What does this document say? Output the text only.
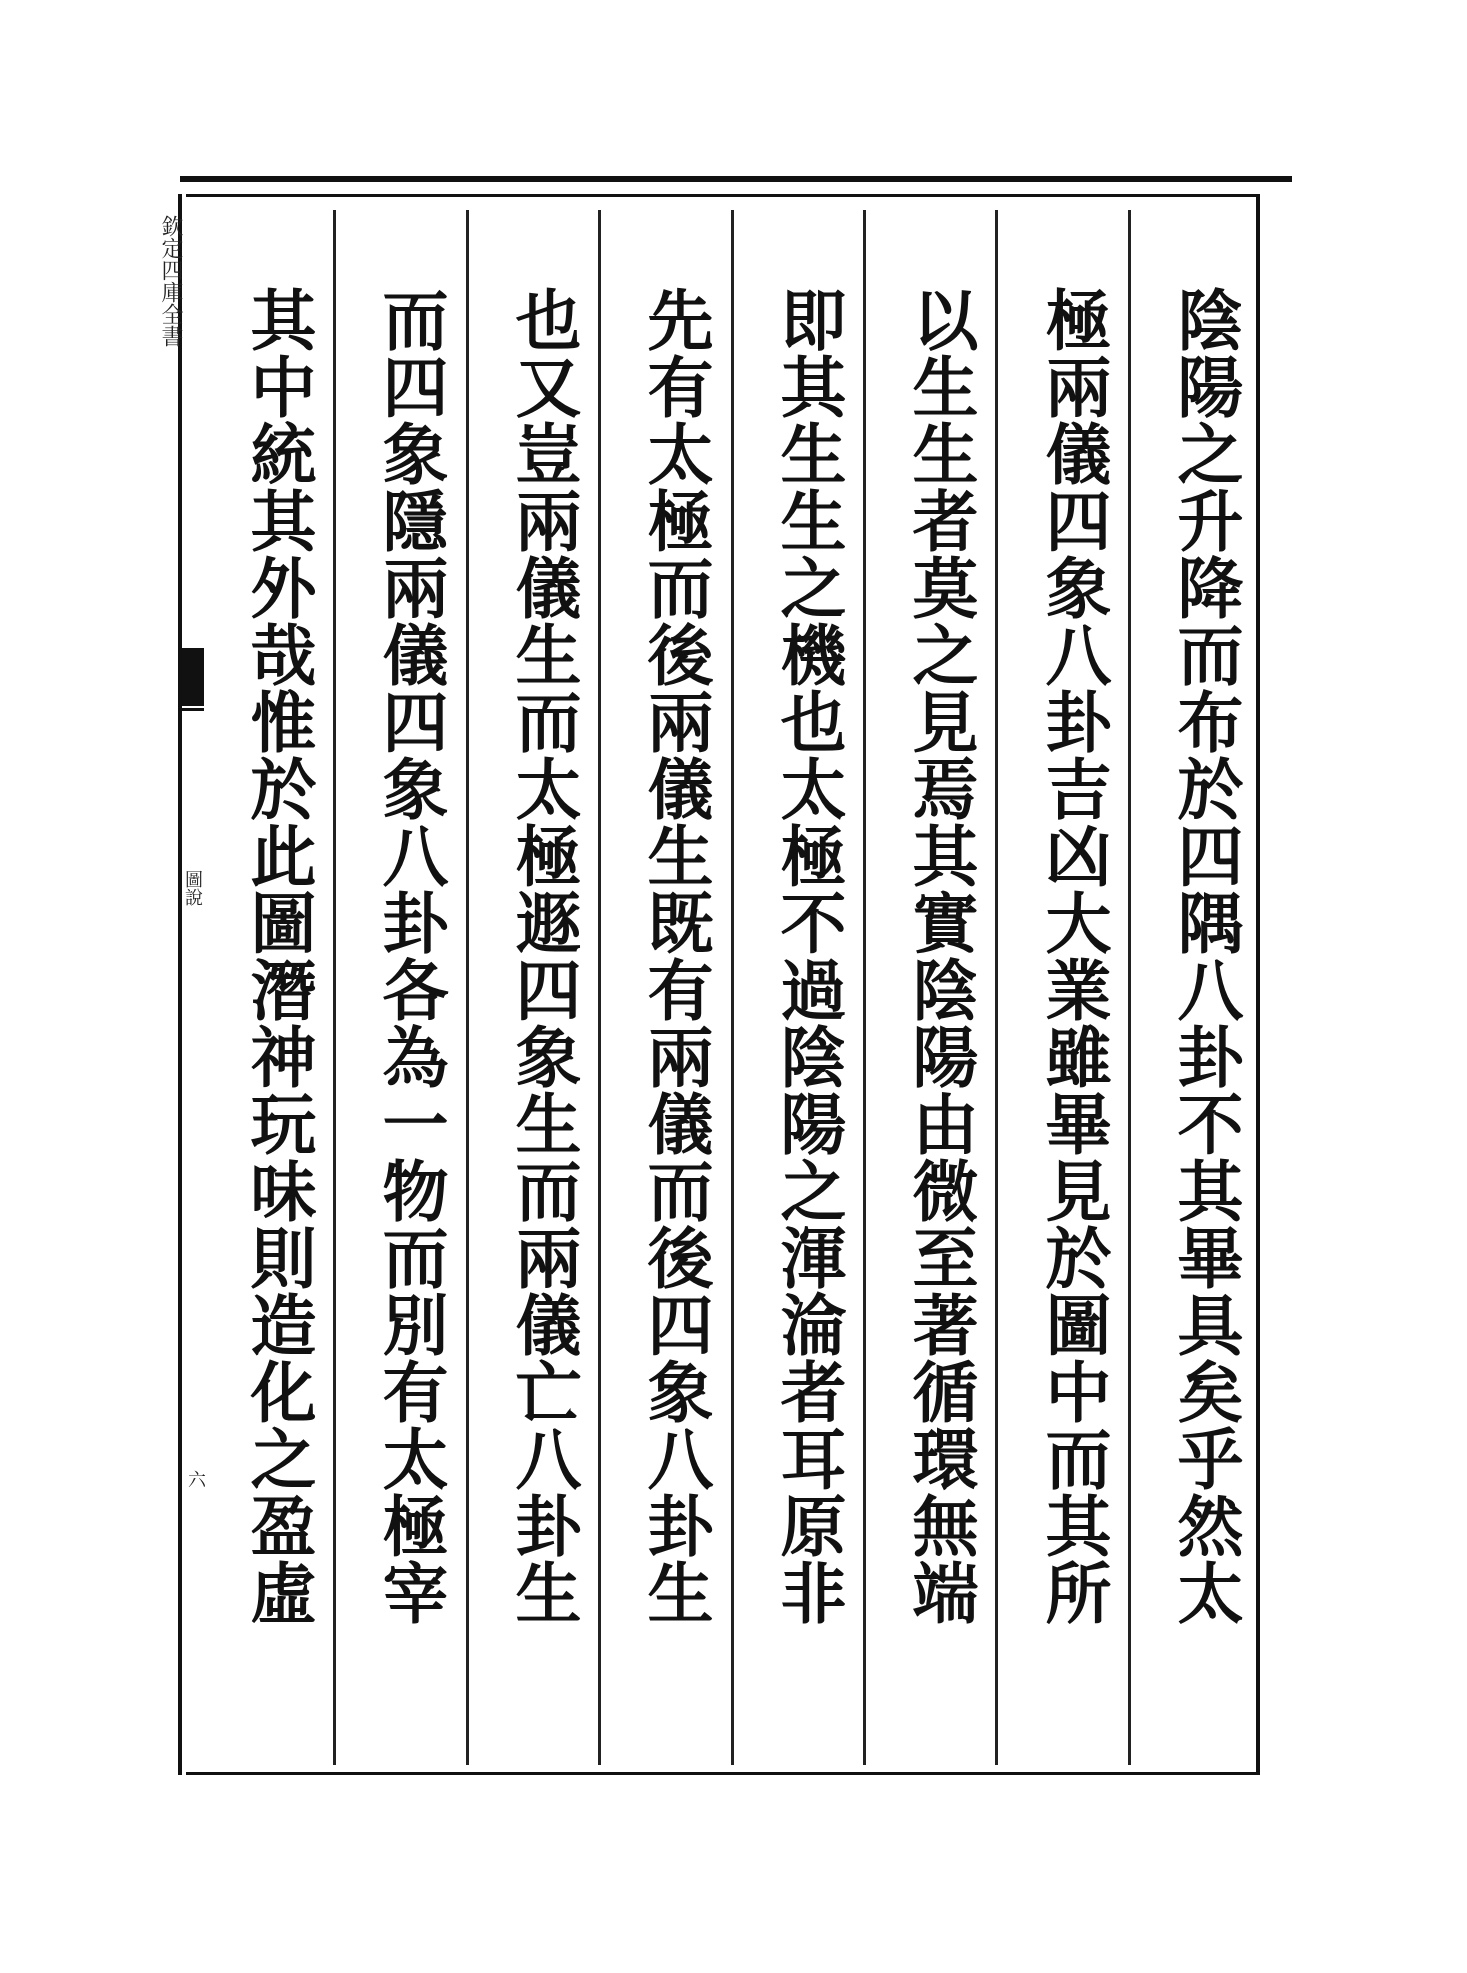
欽定四庫全書
圖說
六	陰陽之升降而布於四隅八卦不其畢具矣乎然太
極兩儀四象八卦吉凶大業雖畢見於圖中而其所
以生生者莫之見焉其實陰陽由微至著循環無端
即其生生之機也太極不過陰陽之渾淪者耳原非
先有太極而後兩儀生既有兩儀而後四象八卦生
也又豈兩儀生而太極遯四象生而兩儀亡八卦生
而四象隱兩儀四象八卦各為一物而別有太極宰
其中統其外哉惟於此圖潛神玩味則造化之盈虛
